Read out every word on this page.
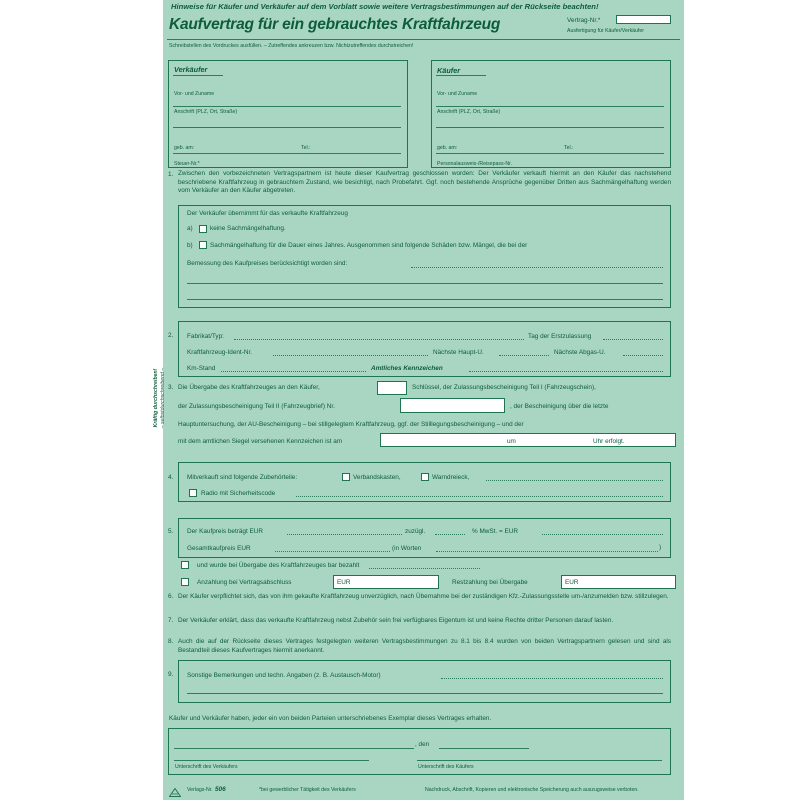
Hinweise für Käufer und Verkäufer auf dem Vorblatt sowie weitere Vertragsbestimmungen auf der Rückseite beachten!
Kaufvertrag für ein gebrauchtes Kraftfahrzeug	Vertrag-Nr.*
Ausfertigung für Käufer/Verkäufer
Schreibstellen des Vordruckes ausfüllen. – Zutreffendes ankreuzen bzw. Nichtzutreffendes durchstreichen!
Verkäufer
Vor- und Zuname
Anschrift (PLZ, Ort, Straße)
geb. am:	Tel.:
Steuer-Nr.*
Käufer
Vor- und Zuname
Anschrift (PLZ, Ort, Straße)
geb. am:	Tel.:
Personalausweis-/Reisepass-Nr.
Kräftig durchschreiben! – selbstdurchschreibend –
1. Zwischen den vorbezeichneten Vertragspartnern ist heute dieser Kaufvertrag geschlossen worden: Der Verkäufer verkauft hiermit an den Käufer das nachstehend beschriebene Kraftfahrzeug in gebrauchtem Zustand, wie besichtigt, nach Probefahrt. Ggf. noch bestehende Ansprüche gegenüber Dritten aus Sachmängelhaftung werden vom Verkäufer an den Käufer abgetreten.
Der Verkäufer übernimmt für das verkaufte Kraftfahrzeug
a)	keine Sachmängelhaftung.
b)	Sachmängelhaftung für die Dauer eines Jahres. Ausgenommen sind folgende Schäden bzw. Mängel, die bei der
Bemessung des Kaufpreises berücksichtigt worden sind:
2. Fabrikat/Typ:	Tag der Erstzulassung
Kraftfahrzeug-Ident-Nr.	Nächste Haupt-U.	Nächste Abgas-U.
Km-Stand	Amtliches Kennzeichen
3. Die Übergabe des Kraftfahrzeuges an den Käufer,	Schlüssel, der Zulassungsbescheinigung Teil I (Fahrzeugschein),
der Zulassungsbescheinigung Teil II (Fahrzeugbrief) Nr.	, der Bescheinigung über die letzte
Hauptuntersuchung, der AU-Bescheinigung – bei stillgelegtem Kraftfahrzeug, ggf. der Stilllegungsbescheinigung – und der
mit dem amtlichen Siegel versehenen Kennzeichen ist am	um	Uhr erfolgt.
4. Mitverkauft sind folgende Zubehörteile:	Verbandskasten,	Warndreieck,
Radio mit Sicherheitscode
5. Der Kaufpreis beträgt EUR	zuzügl.	% MwSt. = EUR
Gesamtkaufpreis EUR	(in Worten	)
und wurde bei Übergabe des Kraftfahrzeuges bar bezahlt
Anzahlung bei Vertragsabschluss	EUR	Restzahlung bei Übergabe	EUR
6. Der Käufer verpflichtet sich, das von ihm gekaufte Kraftfahrzeug unverzüglich, nach Übernahme bei der zuständigen Kfz.-Zulassungsstelle um-/anzumelden bzw. stillzulegen.
7. Der Verkäufer erklärt, dass das verkaufte Kraftfahrzeug nebst Zubehör sein frei verfügbares Eigentum ist und keine Rechte dritter Personen darauf lasten.
8. Auch die auf der Rückseite dieses Vertrages festgelegten weiteren Vertragsbestimmungen zu 8.1 bis 8.4 wurden von beiden Vertragspartnern gelesen und sind als Bestandteil dieses Kaufvertrages hiermit anerkannt.
9. Sonstige Bemerkungen und techn. Angaben (z. B. Austausch-Motor)
Käufer und Verkäufer haben, jeder ein von beiden Parteien unterschriebenes Exemplar dieses Vertrages erhalten.
, den
Unterschrift des Verkäufers	Unterschrift des Käufers
Verlags-Nr. 506	*bei gewerblicher Tätigkeit des Verkäufers	Nachdruck, Abschrift, Kopieren und elektronische Speicherung auch auszugsweise verboten.
